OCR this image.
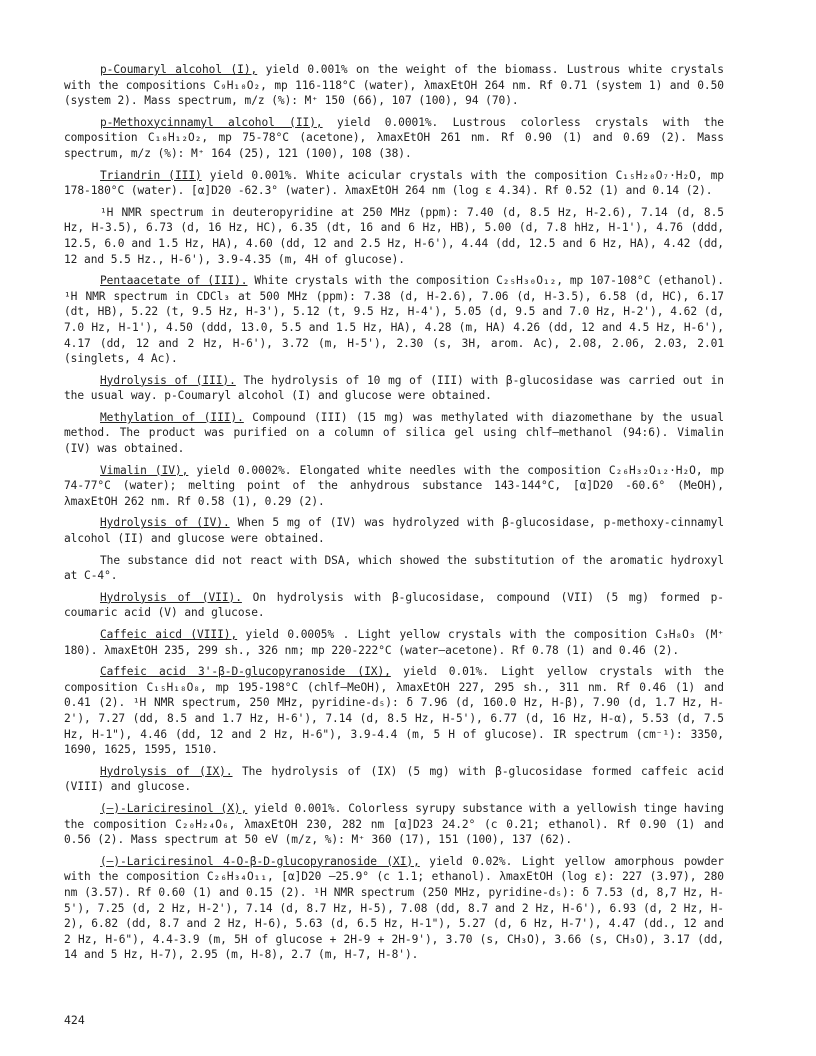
p-Coumaryl alcohol (I), yield 0.001% on the weight of the biomass. Lustrous white crystals with the compositions C₉H₁₀O₂, mp 116-118°C (water), λmaxEtOH 264 nm. Rf 0.71 (system 1) and 0.50 (system 2). Mass spectrum, m/z (%): M⁺ 150 (66), 107 (100), 94 (70).

p-Methoxycinnamyl alcohol (II), yield 0.0001%. Lustrous colorless crystals with the composition C₁₀H₁₂O₂, mp 75-78°C (acetone), λmaxEtOH 261 nm. Rf 0.90 (1) and 0.69 (2). Mass spectrum, m/z (%): M⁺ 164 (25), 121 (100), 108 (38).

Triandrin (III) yield 0.001%. White acicular crystals with the composition C₁₅H₂₀O₇·H₂O, mp 178-180°C (water). [α]D20 -62.3° (water). λmaxEtOH 264 nm (log ε 4.34). Rf 0.52 (1) and 0.14 (2).

¹H NMR spectrum in deuteropyridine at 250 MHz (ppm): 7.40 (d, 8.5 Hz, H-2.6), 7.14 (d, 8.5 Hz, H-3.5), 6.73 (d, 16 Hz, HC), 6.35 (dt, 16 and 6 Hz, HB), 5.00 (d, 7.8 hHz, H-1'), 4.76 (ddd, 12.5, 6.0 and 1.5 Hz, HA), 4.60 (dd, 12 and 2.5 Hz, H-6'), 4.44 (dd, 12.5 and 6 Hz, HA), 4.42 (dd, 12 and 5.5 Hz., H-6'), 3.9-4.35 (m, 4H of glucose).

Pentaacetate of (III). White crystals with the composition C₂₅H₃₀O₁₂, mp 107-108°C (ethanol). ¹H NMR spectrum in CDCl₃ at 500 MHz (ppm): 7.38 (d, H-2.6), 7.06 (d, H-3.5), 6.58 (d, HC), 6.17 (dt, HB), 5.22 (t, 9.5 Hz, H-3'), 5.12 (t, 9.5 Hz, H-4'), 5.05 (d, 9.5 and 7.0 Hz, H-2'), 4.62 (d, 7.0 Hz, H-1'), 4.50 (ddd, 13.0, 5.5 and 1.5 Hz, HA), 4.28 (m, HA) 4.26 (dd, 12 and 4.5 Hz, H-6'), 4.17 (dd, 12 and 2 Hz, H-6'), 3.72 (m, H-5'), 2.30 (s, 3H, arom. Ac), 2.08, 2.06, 2.03, 2.01 (singlets, 4 Ac).

Hydrolysis of (III). The hydrolysis of 10 mg of (III) with β-glucosidase was carried out in the usual way. p-Coumaryl alcohol (I) and glucose were obtained.

Methylation of (III). Compound (III) (15 mg) was methylated with diazomethane by the usual method. The product was purified on a column of silica gel using chlf–methanol (94:6). Vimalin (IV) was obtained.

Vimalin (IV), yield 0.0002%. Elongated white needles with the composition C₂₆H₃₂O₁₂·H₂O, mp 74-77°C (water); melting point of the anhydrous substance 143-144°C, [α]D20 -60.6° (MeOH), λmaxEtOH 262 nm. Rf 0.58 (1), 0.29 (2).

Hydrolysis of (IV). When 5 mg of (IV) was hydrolyzed with β-glucosidase, p-methoxy-cinnamyl alcohol (II) and glucose were obtained.

The substance did not react with DSA, which showed the substitution of the aromatic hydroxyl at C-4°.

Hydrolysis of (VII). On hydrolysis with β-glucosidase, compound (VII) (5 mg) formed p-coumaric acid (V) and glucose.

Caffeic aicd (VIII), yield 0.0005% . Light yellow crystals with the composition C₃H₈O₃ (M⁺ 180). λmaxEtOH 235, 299 sh., 326 nm; mp 220-222°C (water–acetone). Rf 0.78 (1) and 0.46 (2).

Caffeic acid 3'-β-D-glucopyranoside (IX), yield 0.01%. Light yellow crystals with the composition C₁₅H₁₈O₈, mp 195-198°C (chlf–MeOH), λmaxEtOH 227, 295 sh., 311 nm. Rf 0.46 (1) and 0.41 (2). ¹H NMR spectrum, 250 MHz, pyridine-d₅): δ 7.96 (d, 160.0 Hz, H-β), 7.90 (d, 1.7 Hz, H-2'), 7.27 (dd, 8.5 and 1.7 Hz, H-6'), 7.14 (d, 8.5 Hz, H-5'), 6.77 (d, 16 Hz, H-α), 5.53 (d, 7.5 Hz, H-1"), 4.46 (dd, 12 and 2 Hz, H-6"), 3.9-4.4 (m, 5 H of glucose). IR spectrum (cm⁻¹): 3350, 1690, 1625, 1595, 1510.

Hydrolysis of (IX). The hydrolysis of (IX) (5 mg) with β-glucosidase formed caffeic acid (VIII) and glucose.

(–)-Lariciresinol (X), yield 0.001%. Colorless syrupy substance with a yellowish tinge having the composition C₂₀H₂₄O₆, λmaxEtOH 230, 282 nm [α]D23 24.2° (c 0.21; ethanol). Rf 0.90 (1) and 0.56 (2). Mass spectrum at 50 eV (m/z, %): M⁺ 360 (17), 151 (100), 137 (62).

(–)-Lariciresinol 4-O-β-D-glucopyranoside (XI), yield 0.02%. Light yellow amorphous powder with the composition C₂₆H₃₄O₁₁, [α]D20 –25.9° (c 1.1; ethanol). λmaxEtOH (log ε): 227 (3.97), 280 nm (3.57). Rf 0.60 (1) and 0.15 (2). ¹H NMR spectrum (250 MHz, pyridine-d₅): δ 7.53 (d, 8,7 Hz, H-5'), 7.25 (d, 2 Hz, H-2'), 7.14 (d, 8.7 Hz, H-5), 7.08 (dd, 8.7 and 2 Hz, H-6'), 6.93 (d, 2 Hz, H-2), 6.82 (dd, 8.7 and 2 Hz, H-6), 5.63 (d, 6.5 Hz, H-1"), 5.27 (d, 6 Hz, H-7'), 4.47 (dd., 12 and 2 Hz, H-6"), 4.4-3.9 (m, 5H of glucose + 2H-9 + 2H-9'), 3.70 (s, CH₃O), 3.66 (s, CH₃O), 3.17 (dd, 14 and 5 Hz, H-7), 2.95 (m, H-8), 2.7 (m, H-7, H-8').

424
